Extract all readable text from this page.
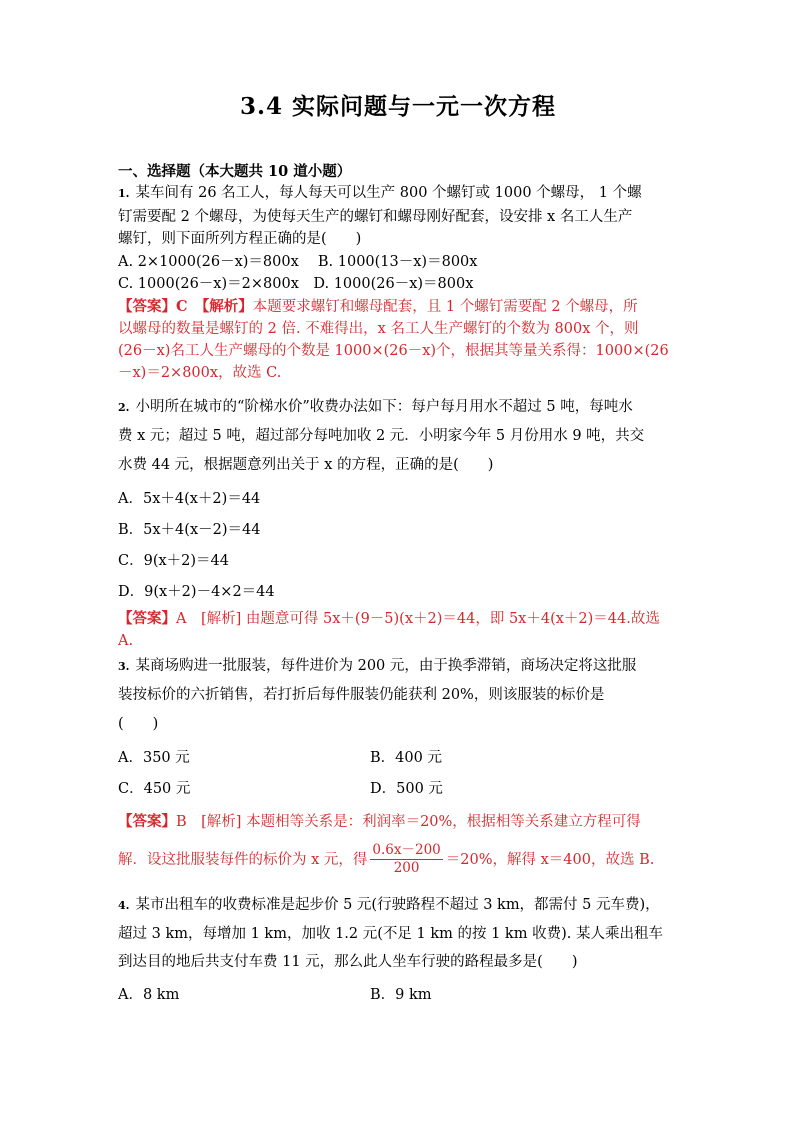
3.4 实际问题与一元一次方程
一、选择题（本大题共 10 道小题）
1. 某车间有 26 名工人，每人每天可以生产 800 个螺钉或 1000 个螺母， 1 个螺
钉需要配 2 个螺母，为使每天生产的螺钉和螺母刚好配套，设安排 x 名工人生产
螺钉，则下面所列方程正确的是(　　)
A. 2×1000(26－x)＝800x　 B. 1000(13－x)＝800x
C. 1000(26－x)＝2×800x　D. 1000(26－x)＝800x
【答案】C　【解析】本题要求螺钉和螺母配套，且 1 个螺钉需要配 2 个螺母，所
以螺母的数量是螺钉的 2 倍. 不难得出，x 名工人生产螺钉的个数为 800x 个，则
(26－x)名工人生产螺母的个数是 1000×(26－x)个，根据其等量关系得：1000×(26
－x)＝2×800x，故选 C.
2. 小明所在城市的“阶梯水价”收费办法如下：每户每月用水不超过 5 吨，每吨水
费 x 元；超过 5 吨，超过部分每吨加收 2 元．小明家今年 5 月份用水 9 吨，共交
水费 44 元，根据题意列出关于 x 的方程，正确的是(　　)
A．5x＋4(x＋2)＝44
B．5x＋4(x－2)＝44
C．9(x＋2)＝44
D．9(x＋2)－4×2＝44
【答案】A　[解析] 由题意可得 5x＋(9－5)(x＋2)＝44，即 5x＋4(x＋2)＝44.故选
A.
3. 某商场购进一批服装，每件进价为 200 元，由于换季滞销，商场决定将这批服
装按标价的六折销售，若打折后每件服装仍能获利 20%，则该服装的标价是
(　　)
A．350 元	B．400 元
C．450 元	D．500 元
【答案】B　[解析] 本题相等关系是：利润率＝20%，根据相等关系建立方程可得
解．设这批服装每件的标价为 x 元，得 $\frac{0.6x-200}{200} =20\%$，解得 x＝400，故选 B.
4. 某市出租车的收费标准是起步价 5 元(行驶路程不超过 3 km，都需付 5 元车费)，
超过 3 km，每增加 1 km，加收 1.2 元(不足 1 km 的按 1 km 收费). 某人乘出租车
到达目的地后共支付车费 11 元，那么此人坐车行驶的路程最多是(　　)
A．8 km	B．9 km
